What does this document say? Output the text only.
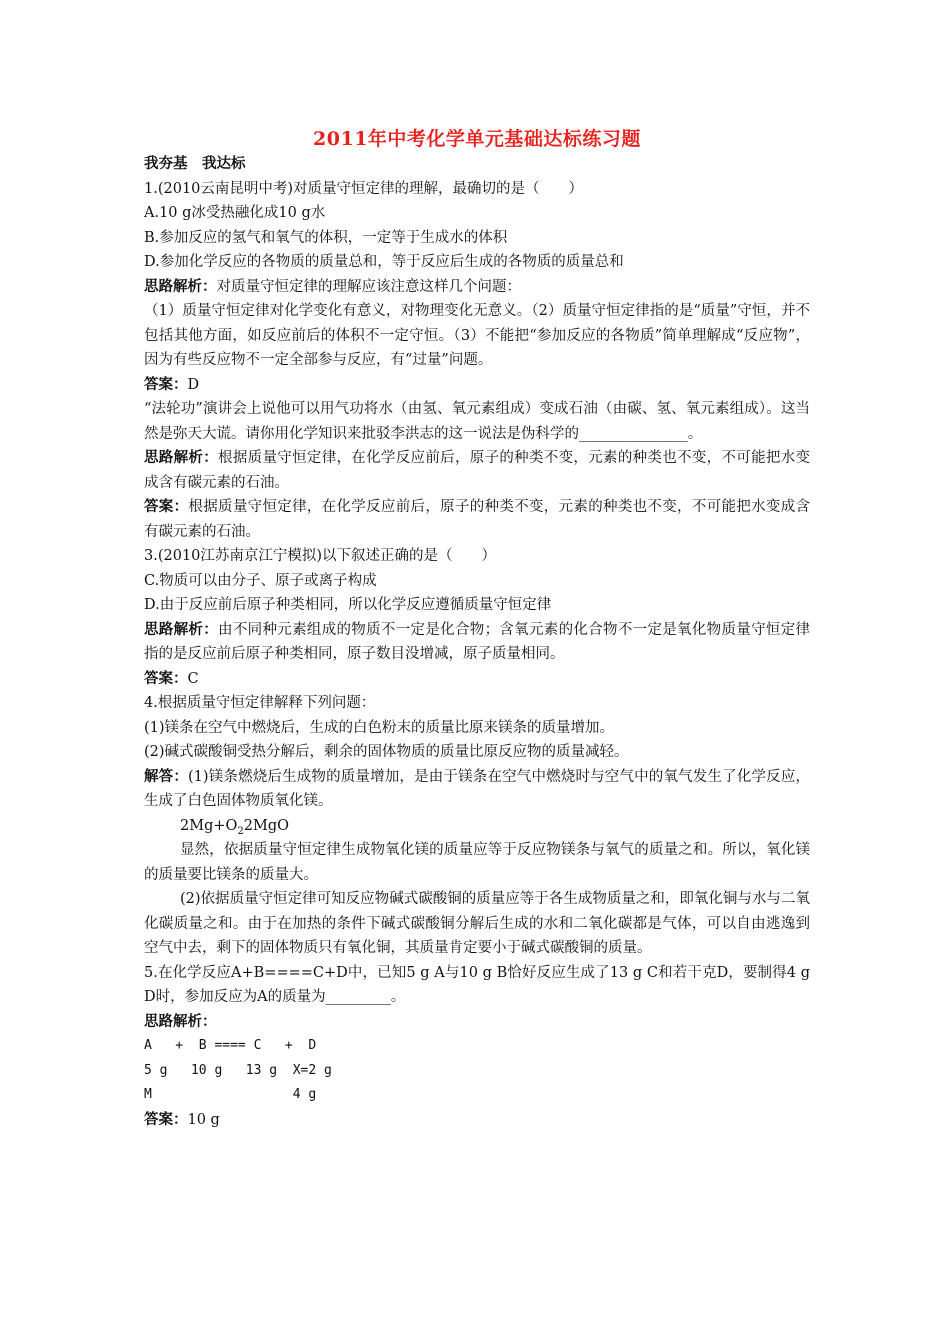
2011年中考化学单元基础达标练习题
我夯基　我达标
1.(2010云南昆明中考)对质量守恒定律的理解，最确切的是（　　）
A.10 g冰受热融化成10 g水
B.参加反应的氢气和氧气的体积，一定等于生成水的体积
D.参加化学反应的各物质的质量总和，等于反应后生成的各物质的质量总和
思路解析：对质量守恒定律的理解应该注意这样几个问题：
（1）质量守恒定律对化学变化有意义，对物理变化无意义。（2）质量守恒定律指的是“质量”守恒，并不包括其他方面，如反应前后的体积不一定守恒。（3）不能把“参加反应的各物质”简单理解成“反应物”，因为有些反应物不一定全部参与反应，有“过量”问题。
答案：D
“法轮功”演讲会上说他可以用气功将水（由氢、氧元素组成）变成石油（由碳、氢、氧元素组成）。这当然是弥天大谎。请你用化学知识来批驳李洪志的这一说法是伪科学的_______________。
思路解析：根据质量守恒定律，在化学反应前后，原子的种类不变，元素的种类也不变，不可能把水变成含有碳元素的石油。
答案：根据质量守恒定律，在化学反应前后，原子的种类不变，元素的种类也不变，不可能把水变成含有碳元素的石油。
3.(2010江苏南京江宁模拟)以下叙述正确的是（　　）
C.物质可以由分子、原子或离子构成
D.由于反应前后原子种类相同，所以化学反应遵循质量守恒定律
思路解析：由不同种元素组成的物质不一定是化合物；含氧元素的化合物不一定是氧化物质量守恒定律指的是反应前后原子种类相同，原子数目没增减，原子质量相同。
答案：C
4.根据质量守恒定律解释下列问题：
(1)镁条在空气中燃烧后，生成的白色粉末的质量比原来镁条的质量增加。
(2)碱式碳酸铜受热分解后，剩余的固体物质的质量比原反应物的质量减轻。
解答：(1)镁条燃烧后生成物的质量增加，是由于镁条在空气中燃烧时与空气中的氧气发生了化学反应，生成了白色固体物质氧化镁。
$2Mg+O_22MgO$
显然，依据质量守恒定律生成物氧化镁的质量应等于反应物镁条与氧气的质量之和。所以，氧化镁的质量要比镁条的质量大。
(2)依据质量守恒定律可知反应物碱式碳酸铜的质量应等于各生成物质量之和，即氧化铜与水与二氧化碳质量之和。由于在加热的条件下碱式碳酸铜分解后生成的水和二氧化碳都是气体，可以自由逃逸到空气中去，剩下的固体物质只有氧化铜，其质量肯定要小于碱式碳酸铜的质量。
5.在化学反应A+B====C+D中，已知5 g A与10 g B恰好反应生成了13 g C和若干克D，要制得4 g D时，参加反应为A的质量为_________。
思路解析：
A   +  B ==== C   +  D
5 g   10 g   13 g  X=2 g
M                  4 g
答案：10 g
